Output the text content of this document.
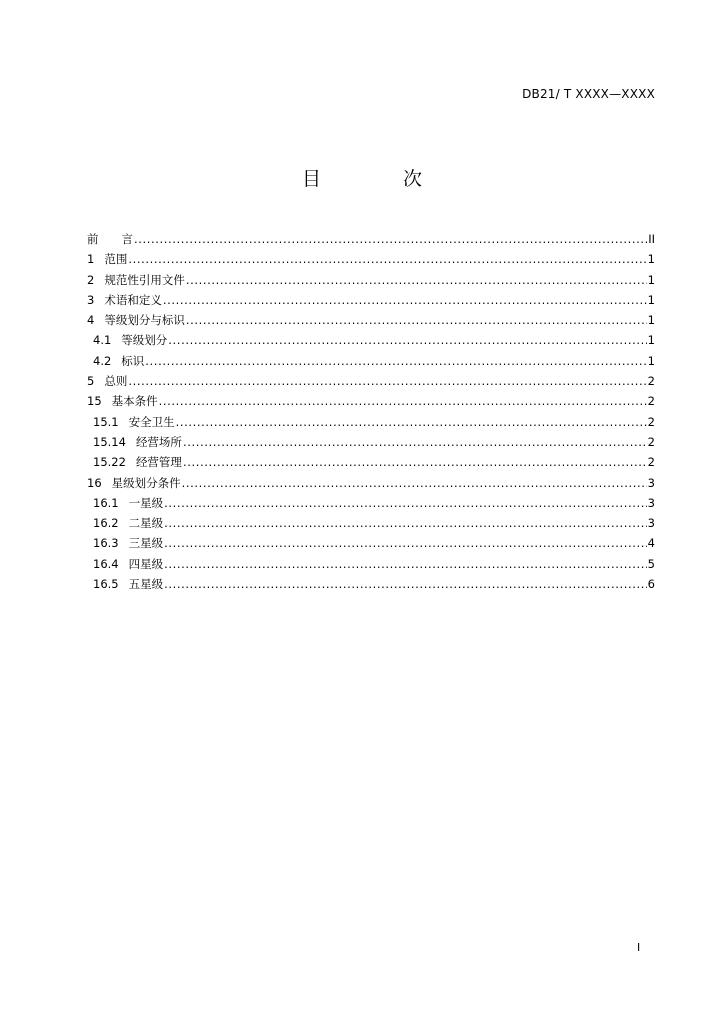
DB21/ T XXXX—XXXX
目 次
前　　言 .....	II
1 范围 .....	1
2 规范性引用文件 .....	1
3 术语和定义 .....	1
4 等级划分与标识 .....	1
4.1 等级划分 .....	1
4.2 标识 .....	1
5 总则 .....	2
15 基本条件 .....	2
15.1 安全卫生 .....	2
15.14 经营场所 .....	2
15.22 经营管理 .....	2
16 星级划分条件 .....	3
16.1 一星级 .....	3
16.2 二星级 .....	3
16.3 三星级 .....	4
16.4 四星级 .....	5
16.5 五星级 .....	6
I
